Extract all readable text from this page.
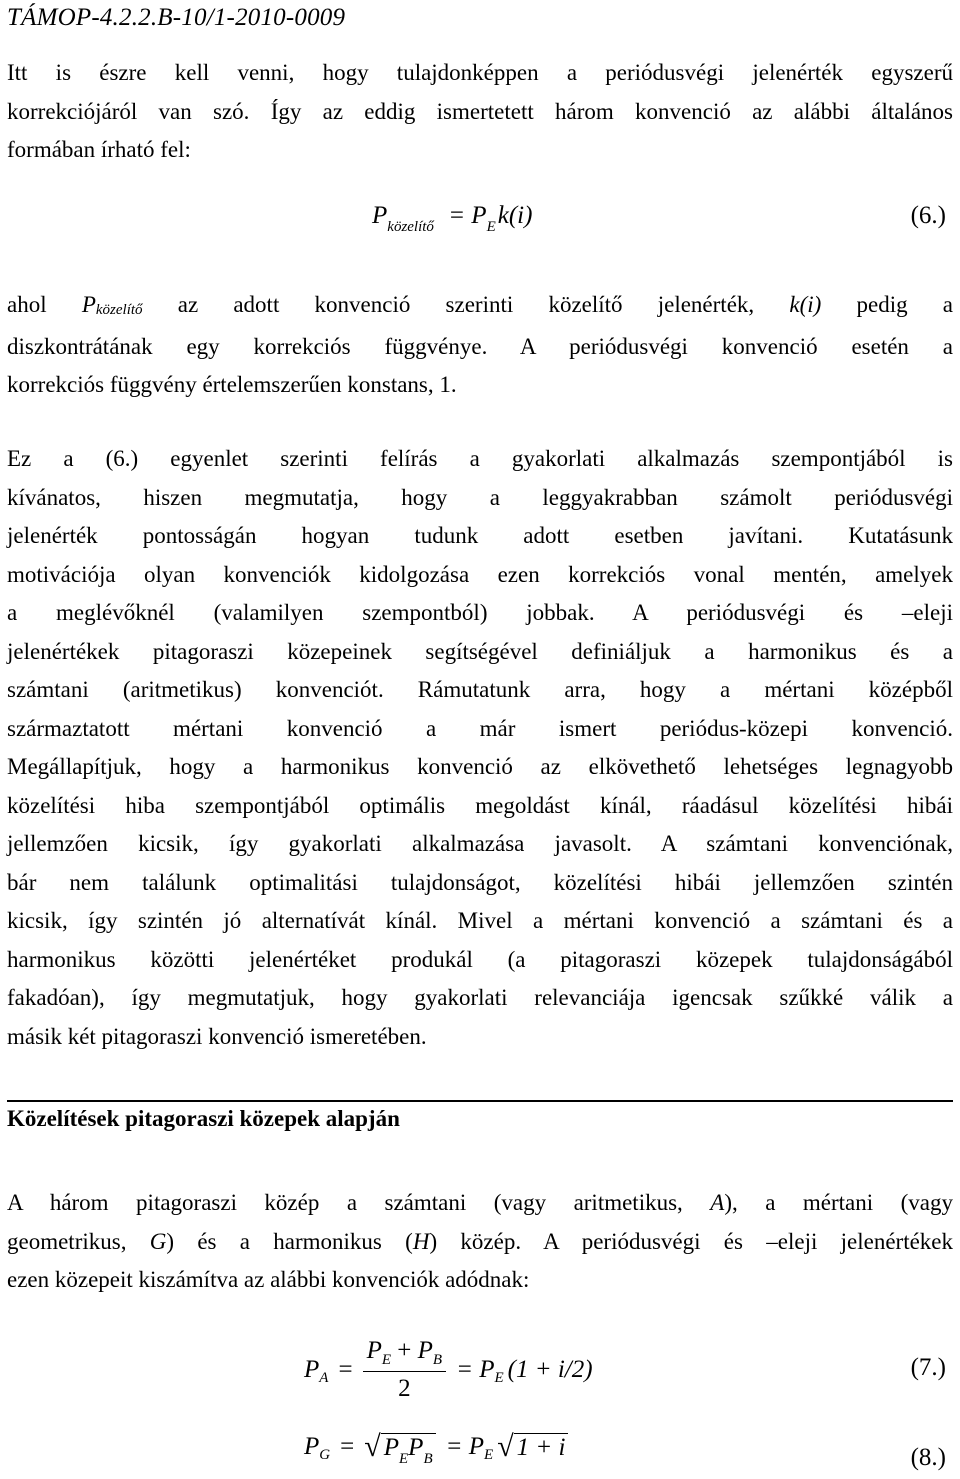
TÁMOP-4.2.2.B-10/1-2010-0009
Itt is észre kell venni, hogy tulajdonképpen a periódusvégi jelenérték egyszerű
korrekciójáról van szó. Így az eddig ismertetett három konvenció az alábbi általános
formában írható fel:
$P_{közelítő} = P_Ek(i)$	(6.)
ahol Pközelítő az adott konvenció szerinti közelítő jelenérték, k(i) pedig a
diszkontrátának egy korrekciós függvénye. A periódusvégi konvenció esetén a
korrekciós függvény értelemszerűen konstans, 1.
Ez a (6.) egyenlet szerinti felírás a gyakorlati alkalmazás szempontjából is
kívánatos, hiszen megmutatja, hogy a leggyakrabban számolt periódusvégi
jelenérték pontosságán hogyan tudunk adott esetben javítani. Kutatásunk
motivációja olyan konvenciók kidolgozása ezen korrekciós vonal mentén, amelyek
a meglévőknél (valamilyen szempontból) jobbak. A periódusvégi és –eleji
jelenértékek pitagoraszi közepeinek segítségével definiáljuk a harmonikus és a
számtani (aritmetikus) konvenciót. Rámutatunk arra, hogy a mértani középből
származtatott mértani konvenció a már ismert periódus-közepi konvenció.
Megállapítjuk, hogy a harmonikus konvenció az elkövethető lehetséges legnagyobb
közelítési hiba szempontjából optimális megoldást kínál, ráadásul közelítési hibái
jellemzően kicsik, így gyakorlati alkalmazása javasolt. A számtani konvenciónak,
bár nem találunk optimalitási tulajdonságot, közelítési hibái jellemzően szintén
kicsik, így szintén jó alternatívát kínál. Mivel a mértani konvenció a számtani és a
harmonikus közötti jelenértéket produkál (a pitagoraszi közepek tulajdonságából
fakadóan), így megmutatjuk, hogy gyakorlati relevanciája igencsak szűkké válik a
másik két pitagoraszi konvenció ismeretében.
Közelítések pitagoraszi közepek alapján
A három pitagoraszi közép a számtani (vagy aritmetikus, A), a mértani (vagy
geometrikus, G) és a harmonikus (H) közép. A periódusvégi és –eleji jelenértékek
ezen közepeit kiszámítva az alábbi konvenciók adódnak:
P $A = \frac{P_E + P_B}{2} = P$ E (1 + i/2)	(7.)
P G = √ $P_EP_B = P$ E √ 1 + i	(8.)
